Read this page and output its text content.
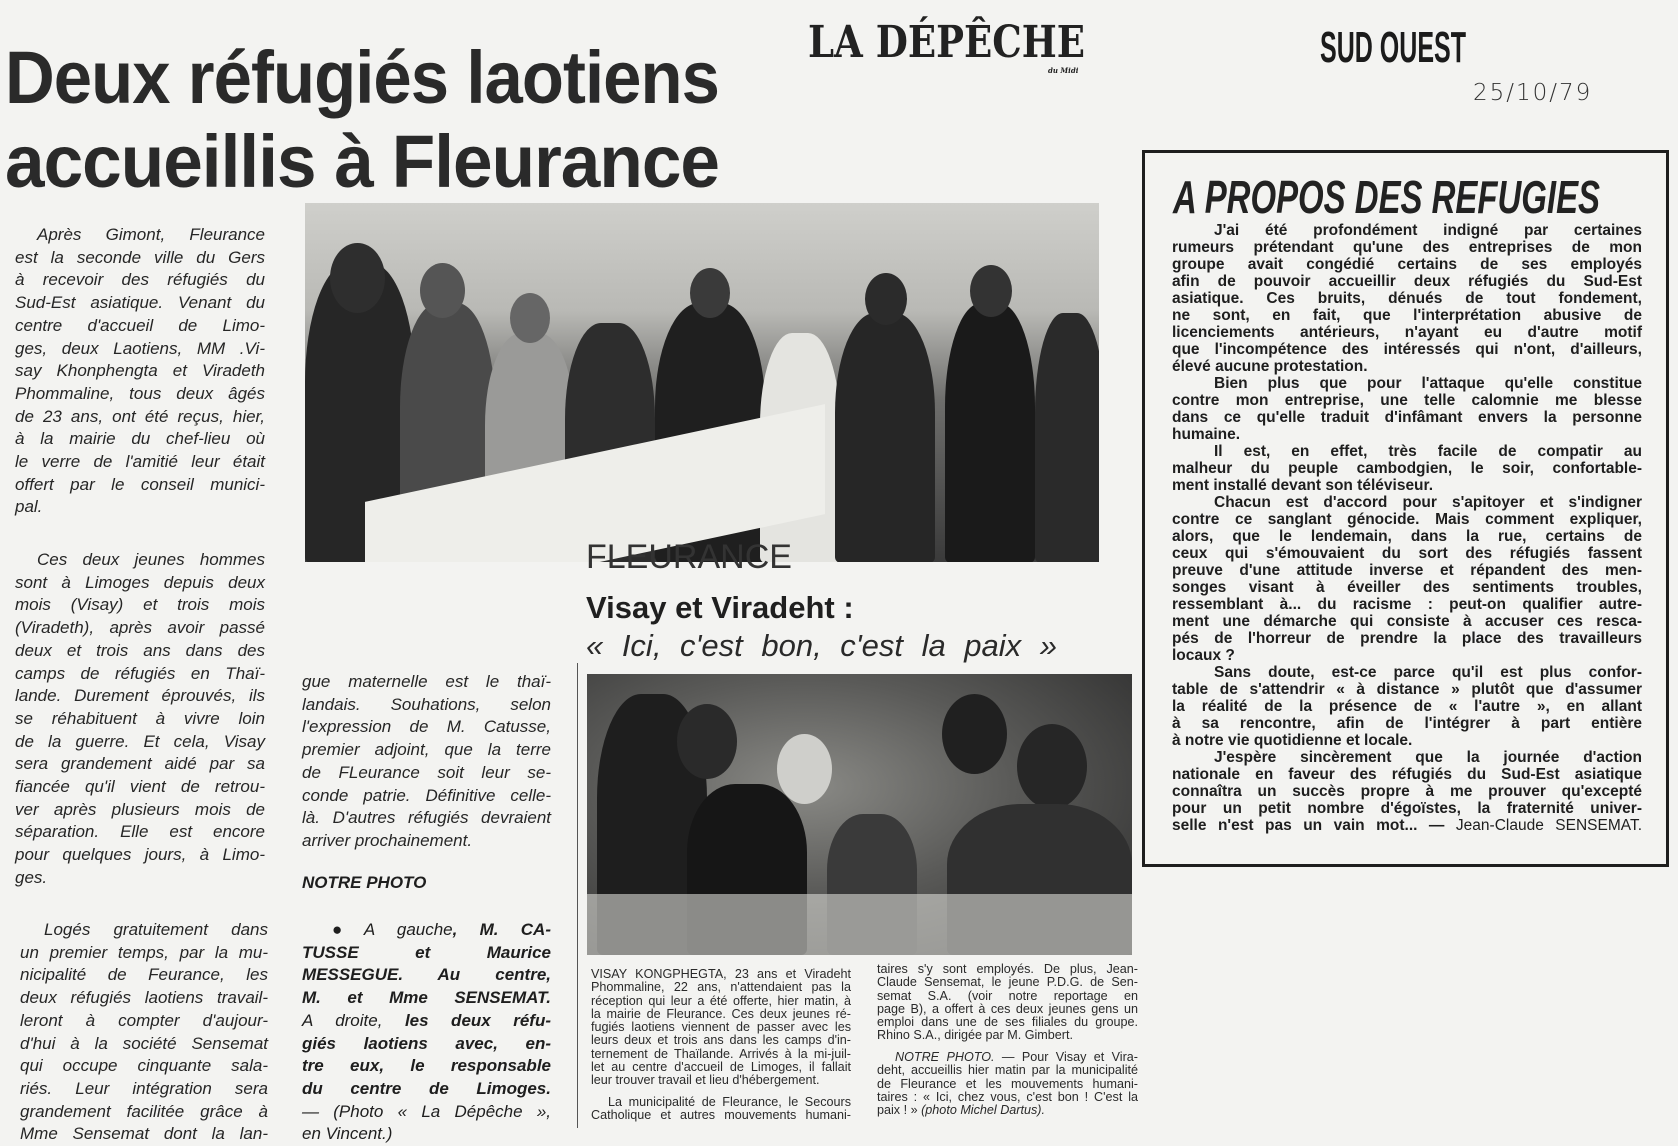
Deux réfugiés laotiens
accueillis à Fleurance
LA DÉPÊCHE
du Midi	SUD OUEST
25/10/79
Après Gimont, Fleurance
est la seconde ville du Gers
à recevoir des réfugiés du
Sud-Est asiatique. Venant du
centre d'accueil de Limo-
ges, deux Laotiens, MM .Vi-
say Khonphengta et Viradeth
Phommaline, tous deux âgés
de 23 ans, ont été reçus, hier,
à la mairie du chef-lieu où
le verre de l'amitié leur était
offert par le conseil munici-
pal.
Ces deux jeunes hommes
sont à Limoges depuis deux
mois (Visay) et trois mois
(Viradeth), après avoir passé
deux et trois ans dans des
camps de réfugiés en Thaï-
lande. Durement éprouvés, ils
se réhabituent à vivre loin
de la guerre. Et cela, Visay
sera grandement aidé par sa
fiancée qu'il vient de retrou-
ver après plusieurs mois de
séparation. Elle est encore
pour quelques jours, à Limo-
ges.
Logés gratuitement dans
un premier temps, par la mu-
nicipalité de Feurance, les
deux réfugiés laotiens travail-
leront à compter d'aujour-
d'hui à la société Sensemat
qui occupe cinquante sala-
riés. Leur intégration sera
grandement facilitée grâce à
Mme Sensemat dont la lan-
gue maternelle est le thaï-
landais. Souhations, selon
l'expression de M. Catusse,
premier adjoint, que la terre
de FLeurance soit leur se-
conde patrie. Définitive celle-
là. D'autres réfugiés devraient
arriver prochainement.
NOTRE PHOTO
● A gauche, M. CA-
TUSSE et Maurice
MESSEGUE. Au centre,
M. et Mme SENSEMAT.
A droite, les deux réfu-
giés laotiens avec, en-
tre eux, le responsable
du centre de Limoges.
— (Photo « La Dépêche »,
en Vincent.)
FLEURANCE
Visay et Viradeht :
« Ici, c'est bon, c'est la paix »
VISAY KONGPHEGTA, 23 ans et Viradeht
Phommaline, 22 ans, n'attendaient pas la
réception qui leur a été offerte, hier matin, à
la mairie de Fleurance. Ces deux jeunes ré-
fugiés laotiens viennent de passer avec les
leurs deux et trois ans dans les camps d'in-
ternement de Thaïlande. Arrivés à la mi-juil-
let au centre d'accueil de Limoges, il fallait
leur trouver travail et lieu d'hébergement.
La municipalité de Fleurance, le Secours
Catholique et autres mouvements humani-
taires s'y sont employés. De plus, Jean-
Claude Sensemat, le jeune P.D.G. de Sen-
semat S.A. (voir notre reportage en
page B), a offert à ces deux jeunes gens un
emploi dans une de ses filiales du groupe.
Rhino S.A., dirigée par M. Gimbert.
NOTRE PHOTO. — Pour Visay et Vira-
deht, accueillis hier matin par la municipalité
de Fleurance et les mouvements humani-
taires : « Ici, chez vous, c'est bon ! C'est la
paix ! » (photo Michel Dartus).
A PROPOS DES REFUGIES
J'ai été profondément indigné par certaines
rumeurs prétendant qu'une des entreprises de mon
groupe avait congédié certains de ses employés
afin de pouvoir accueillir deux réfugiés du Sud-Est
asiatique. Ces bruits, dénués de tout fondement,
ne sont, en fait, que l'interprétation abusive de
licenciements antérieurs, n'ayant eu d'autre motif
que l'incompétence des intéressés qui n'ont, d'ailleurs,
élevé aucune protestation.
Bien plus que pour l'attaque qu'elle constitue
contre mon entreprise, une telle calomnie me blesse
dans ce qu'elle traduit d'infâmant envers la personne
humaine.
Il est, en effet, très facile de compatir au
malheur du peuple cambodgien, le soir, confortable-
ment installé devant son téléviseur.
Chacun est d'accord pour s'apitoyer et s'indigner
contre ce sanglant génocide. Mais comment expliquer,
alors, que le lendemain, dans la rue, certains de
ceux qui s'émouvaient du sort des réfugiés fassent
preuve d'une attitude inverse et répandent des men-
songes visant à éveiller des sentiments troubles,
ressemblant à... du racisme : peut-on qualifier autre-
ment une démarche qui consiste à accuser ces resca-
pés de l'horreur de prendre la place des travailleurs
locaux ?
Sans doute, est-ce parce qu'il est plus confor-
table de s'attendrir « à distance » plutôt que d'assumer
la réalité de la présence de « l'autre », en allant
à sa rencontre, afin de l'intégrer à part entière
à notre vie quotidienne et locale.
J'espère sincèrement que la journée d'action
nationale en faveur des réfugiés du Sud-Est asiatique
connaîtra un succès propre à me prouver qu'excepté
pour un petit nombre d'égoïstes, la fraternité univer-
selle n'est pas un vain mot... — Jean-Claude SENSEMAT.
